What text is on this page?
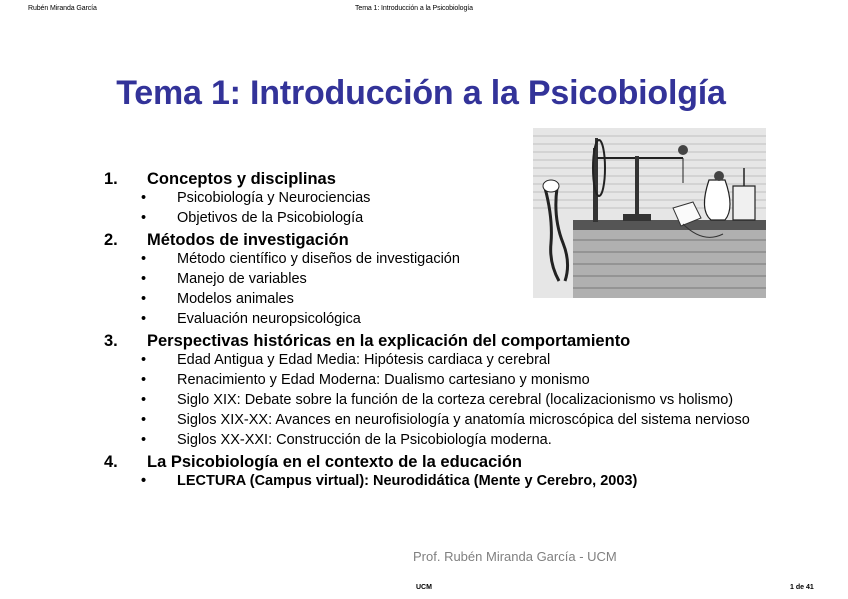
Rubén Miranda García	Tema 1: Introducción a la Psicobiología
Tema 1: Introducción a la Psicobiolgía
1.	Conceptos y disciplinas
•	Psicobiología y Neurociencias
•	Objetivos de la Psicobiología
2.	Métodos de investigación
•	Método científico y diseños de investigación
•	Manejo de variables
•	Modelos animales
•	Evaluación neuropsicológica
3.	Perspectivas históricas en la explicación del comportamiento
•	Edad Antigua y Edad Media: Hipótesis cardiaca y cerebral
•	Renacimiento y Edad Moderna: Dualismo cartesiano y monismo
•	Siglo XIX: Debate sobre la función de la corteza cerebral (localizacionismo vs holismo)
•	Siglos XIX-XX: Avances en neurofisiología y anatomía microscópica del sistema nervioso
•	Siglos XX-XXI: Construcción de la Psicobiología moderna.
4.	La Psicobiología en el contexto de la educación
•	LECTURA (Campus virtual): Neurodidática (Mente y Cerebro, 2003)
Prof. Rubén Miranda García - UCM
UCM	1 de 41
